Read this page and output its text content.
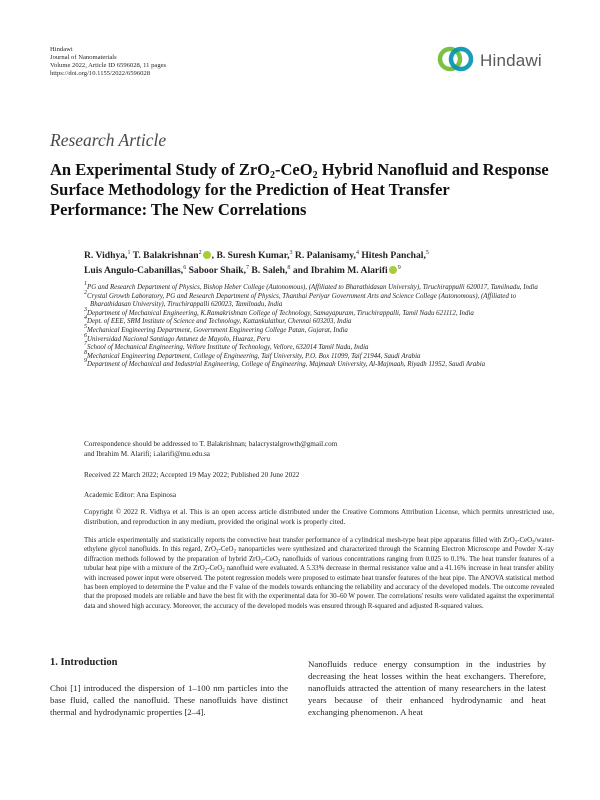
Hindawi
Journal of Nanomaterials
Volume 2022, Article ID 6596028, 11 pages
https://doi.org/10.1155/2022/6596028
Hindawi
Research Article
An Experimental Study of ZrO$_2$-CeO$_2$ Hybrid Nanofluid and Response Surface Methodology for the Prediction of Heat Transfer Performance: The New Correlations
R. Vidhya,$^1$ T. Balakrishnan$^2$ , B. Suresh Kumar,$^3$ R. Palanisamy,$^4$ Hitesh Panchal,$^5$
Luis Angulo-Cabanillas,$^6$ Saboor Shaik,$^7$ B. Saleh,$^8$ and Ibrahim M. Alarifi $^9$

$^1$PG and Research Department of Physics, Bishop Heber College (Autonomous), (Affiliated to Bharathidasan University), Tiruchirappalli 620017, Tamilnadu, India

$^2$Crystal Growth Laboratory, PG and Research Department of Physics, Thanthai Periyar Government Arts and Science College (Autonomous), (Affiliated to Bharathidasan University), Tiruchirappalli 620023, Tamilnadu, India

$^3$Department of Mechanical Engineering, K.Ramakrishnan College of Technology, Samayapuram, Tiruchirappalli, Tamil Nadu 621112, India

$^4$Dept. of EEE, SRM Institute of Science and Technology, Kattankulathur, Chennai 603203, India

$^5$Mechanical Engineering Department, Government Engineering College Patan, Gujarat, India

$^6$Universidad Nacional Santiago Antunez de Mayolo, Huaraz, Peru

$^7$School of Mechanical Engineering, Vellore Institute of Technology, Vellore, 632014 Tamil Nadu, India

$^8$Mechanical Engineering Department, College of Engineering, Taif University, P.O. Box 11099, Taif 21944, Saudi Arabia

$^9$Department of Mechanical and Industrial Engineering, College of Engineering, Majmaah University, Al-Majmaah, Riyadh 11952, Saudi Arabia

Correspondence should be addressed to T. Balakrishnan; balacrystalgrowth@gmail.com
and Ibrahim M. Alarifi; i.alarifi@mu.edu.sa
Received 22 March 2022; Accepted 19 May 2022; Published 20 June 2022
Academic Editor: Ana Espinosa
Copyright © 2022 R. Vidhya et al. This is an open access article distributed under the Creative Commons Attribution License, which permits unrestricted use, distribution, and reproduction in any medium, provided the original work is properly cited.
This article experimentally and statistically reports the convective heat transfer performance of a cylindrical mesh-type heat pipe apparatus filled with ZrO$_2$-CeO$_2$/water-ethylene glycol nanofluids. In this regard, ZrO$_2$-CeO$_2$ nanoparticles were synthesized and characterized through the Scanning Electron Microscope and Powder X-ray diffraction methods followed by the preparation of hybrid ZrO$_2$-CeO$_2$ nanofluids of various concentrations ranging from 0.025 to 0.1%. The heat transfer features of a tubular heat pipe with a mixture of the ZrO$_2$-CeO$_2$ nanofluid were evaluated. A 5.33% decrease in thermal resistance value and a 41.16% increase in heat transfer ability with increased power input were observed. The potent regression models were proposed to estimate heat transfer features of the heat pipe. The ANOVA statistical method has been employed to determine the P value and the F value of the models towards enhancing the reliability and accuracy of the developed models. The outcome revealed that the proposed models are reliable and have the best fit with the experimental data for 30–60 W power. The correlations' results were validated against the experimental data and showed high accuracy. Moreover, the accuracy of the developed models was ensured through R-squared and adjusted R-squared values.
1. Introduction
Choi [1] introduced the dispersion of 1–100 nm particles into the base fluid, called the nanofluid. These nanofluids have distinct thermal and hydrodynamic properties [2–4].
Nanofluids reduce energy consumption in the industries by decreasing the heat losses within the heat exchangers. Therefore, nanofluids attracted the attention of many researchers in the latest years because of their enhanced hydrodynamic and heat exchanging phenomenon. A heat
